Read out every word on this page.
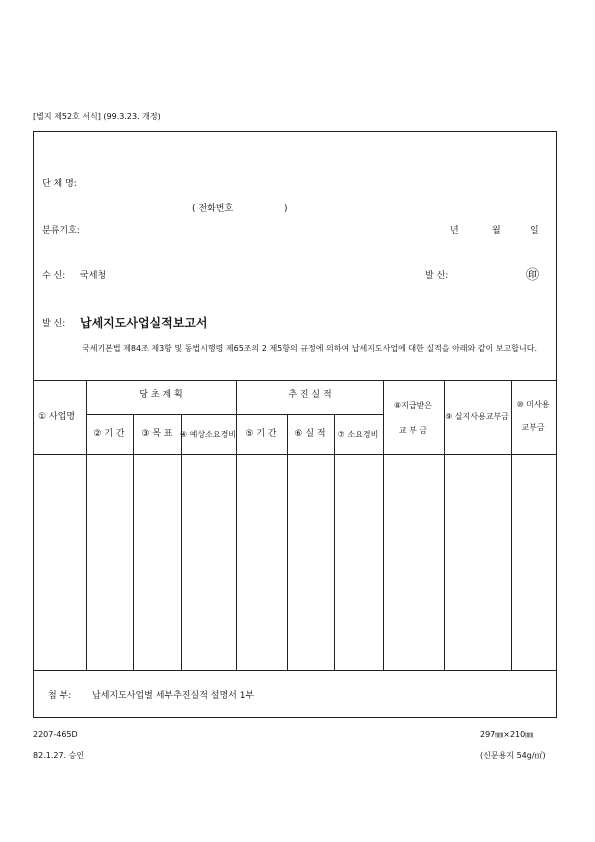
[별지 제52호 서식] (99.3.23. 개정)
단 체 명:
( 전화번호	)
분류기호:	년	월	일
수 신: 국세청	발 신:	㊞
발 신: 납세지도사업실적보고서
국세기본법 제84조 제3항 및 동법시행령 제65조의 2 제5항의 규정에 의하여 납세지도사업에 대한 실적을 아래와 같이 보고합니다.
① 사업명
당 초 계 획	추 진 실 적
② 기 간 ③ 목 표 ④ 예상소요경비 ⑤ 기 간 ⑥ 실 적 ⑦ 소요경비
⑧지급받은
교 부 금
⑨ 실지사용교부금
⑩ 미사용
교부금
첨 부: 납세지도사업별 세부추진실적 설명서 1부
2207-465D
82.1.27. 승인
297㎜×210㎜
(신문용지 54g/㎡)
